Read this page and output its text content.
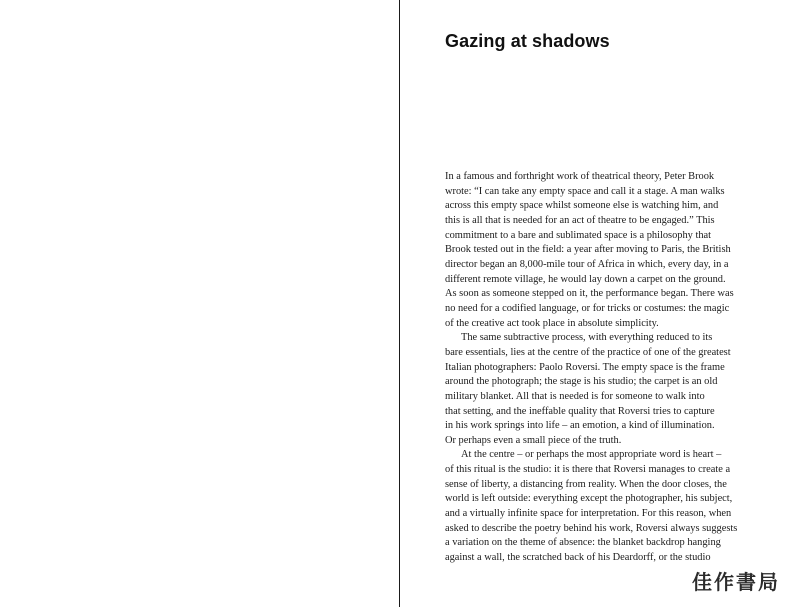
Gazing at shadows
In a famous and forthright work of theatrical theory, Peter Brook
wrote: “I can take any empty space and call it a stage. A man walks
across this empty space whilst someone else is watching him, and
this is all that is needed for an act of theatre to be engaged.” This
commitment to a bare and sublimated space is a philosophy that
Brook tested out in the field: a year after moving to Paris, the British
director began an 8,000-mile tour of Africa in which, every day, in a
different remote village, he would lay down a carpet on the ground.
As soon as someone stepped on it, the performance began. There was
no need for a codified language, or for tricks or costumes: the magic
of the creative act took place in absolute simplicity.
The same subtractive process, with everything reduced to its
bare essentials, lies at the centre of the practice of one of the greatest
Italian photographers: Paolo Roversi. The empty space is the frame
around the photograph; the stage is his studio; the carpet is an old
military blanket. All that is needed is for someone to walk into
that setting, and the ineffable quality that Roversi tries to capture
in his work springs into life – an emotion, a kind of illumination.
Or perhaps even a small piece of the truth.
At the centre – or perhaps the most appropriate word is heart –
of this ritual is the studio: it is there that Roversi manages to create a
sense of liberty, a distancing from reality. When the door closes, the
world is left outside: everything except the photographer, his subject,
and a virtually infinite space for interpretation. For this reason, when
asked to describe the poetry behind his work, Roversi always suggests
a variation on the theme of absence: the blanket backdrop hanging
against a wall, the scratched back of his Deardorff, or the studio
佳作書局
